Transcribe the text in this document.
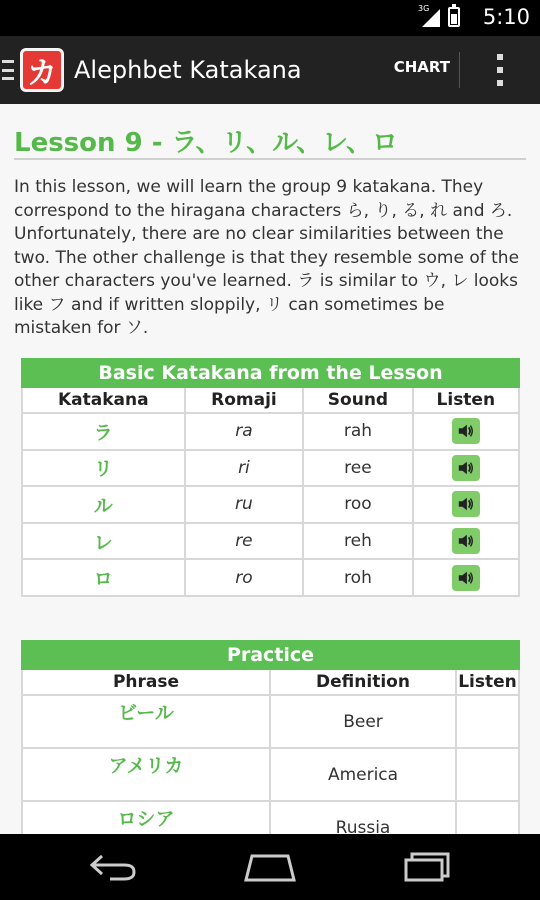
3G	5:10
カ Alephbet Katakana	CHART
Lesson 9 - ラ、リ、ル、レ、ロ
In this lesson, we will learn the group 9 katakana. They correspond to the hiragana characters ら, り, る, れ and ろ. Unfortunately, there are no clear similarities between the two. The other challenge is that they resemble some of the other characters you've learned. ラ is similar to ウ, レ looks like フ and if written sloppily, リ can sometimes be mistaken for ソ.
Basic Katakana from the Lesson			
Katakana	Romaji	Sound	Listen
ラ	ra	rah	

リ	ri	ree	

ル	ru	roo	

レ	re	reh	

ロ	ro	roh	
Practice		
Phrase	Definition	Listen

ビール	Beer	

アメリカ	America	

ロシア	Russia	
